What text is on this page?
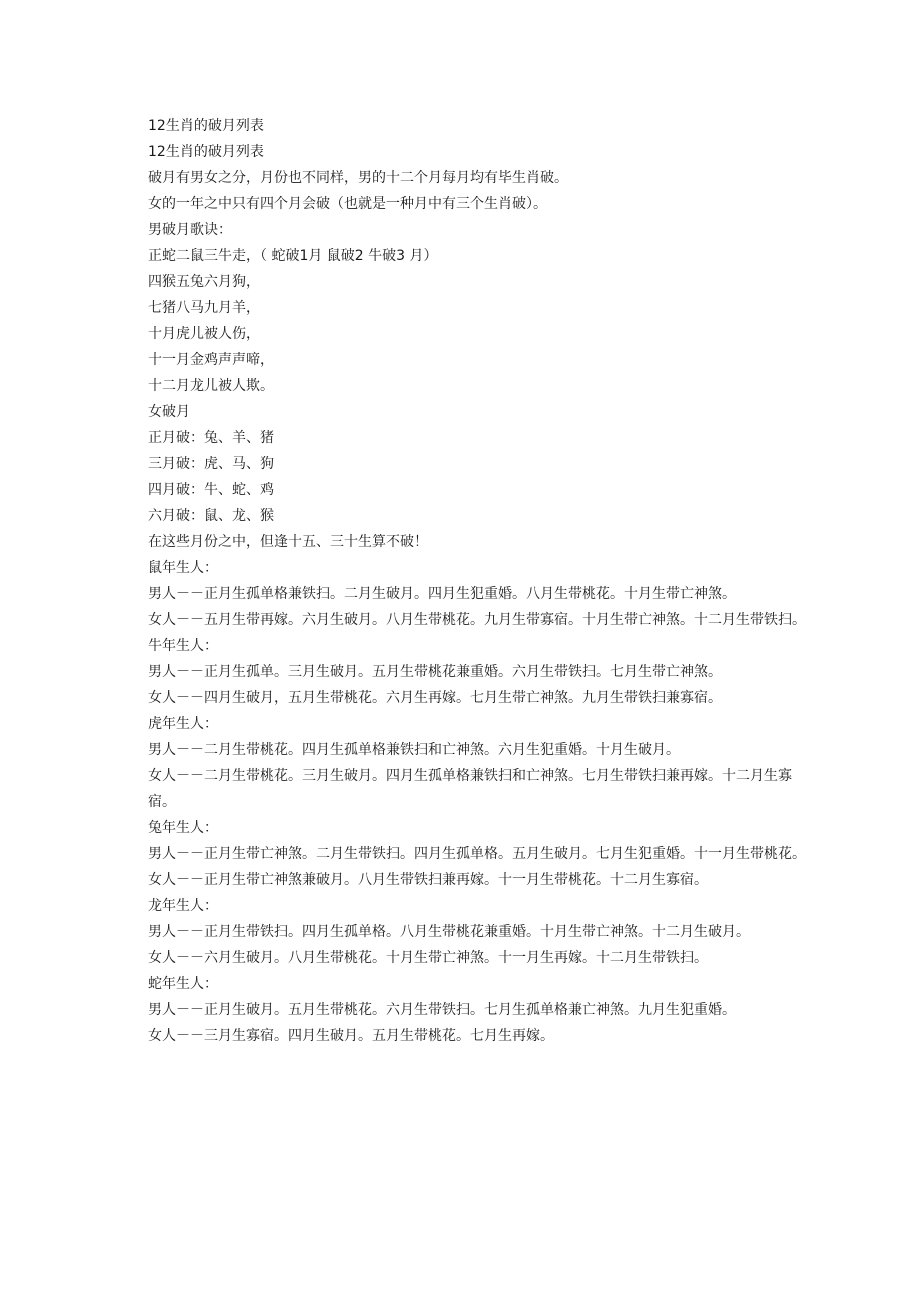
12生肖的破月列表
12生肖的破月列表
破月有男女之分，月份也不同样，男的十二个月每月均有毕生肖破。
女的一年之中只有四个月会破（也就是一种月中有三个生肖破）。
男破月歌诀：
正蛇二鼠三牛走，（ 蛇破1月 鼠破2 牛破3 月）
四猴五兔六月狗，
七猪八马九月羊，
十月虎儿被人伤，
十一月金鸡声声啼，
十二月龙儿被人欺。
女破月
正月破：兔、羊、猪
三月破：虎、马、狗
四月破：牛、蛇、鸡
六月破：鼠、龙、猴
在这些月份之中，但逢十五、三十生算不破！
鼠年生人：
男人－－正月生孤单格兼铁扫。二月生破月。四月生犯重婚。八月生带桃花。十月生带亡神煞。
女人－－五月生带再嫁。六月生破月。八月生带桃花。九月生带寡宿。十月生带亡神煞。十二月生带铁扫。
牛年生人：
男人－－正月生孤单。三月生破月。五月生带桃花兼重婚。六月生带铁扫。七月生带亡神煞。
女人－－四月生破月，五月生带桃花。六月生再嫁。七月生带亡神煞。九月生带铁扫兼寡宿。
虎年生人：
男人－－二月生带桃花。四月生孤单格兼铁扫和亡神煞。六月生犯重婚。十月生破月。
女人－－二月生带桃花。三月生破月。四月生孤单格兼铁扫和亡神煞。七月生带铁扫兼再嫁。十二月生寡宿。
兔年生人：
男人－－正月生带亡神煞。二月生带铁扫。四月生孤单格。五月生破月。七月生犯重婚。十一月生带桃花。
女人－－正月生带亡神煞兼破月。八月生带铁扫兼再嫁。十一月生带桃花。十二月生寡宿。
龙年生人：
男人－－正月生带铁扫。四月生孤单格。八月生带桃花兼重婚。十月生带亡神煞。十二月生破月。
女人－－六月生破月。八月生带桃花。十月生带亡神煞。十一月生再嫁。十二月生带铁扫。
蛇年生人：
男人－－正月生破月。五月生带桃花。六月生带铁扫。七月生孤单格兼亡神煞。九月生犯重婚。
女人－－三月生寡宿。四月生破月。五月生带桃花。七月生再嫁。
